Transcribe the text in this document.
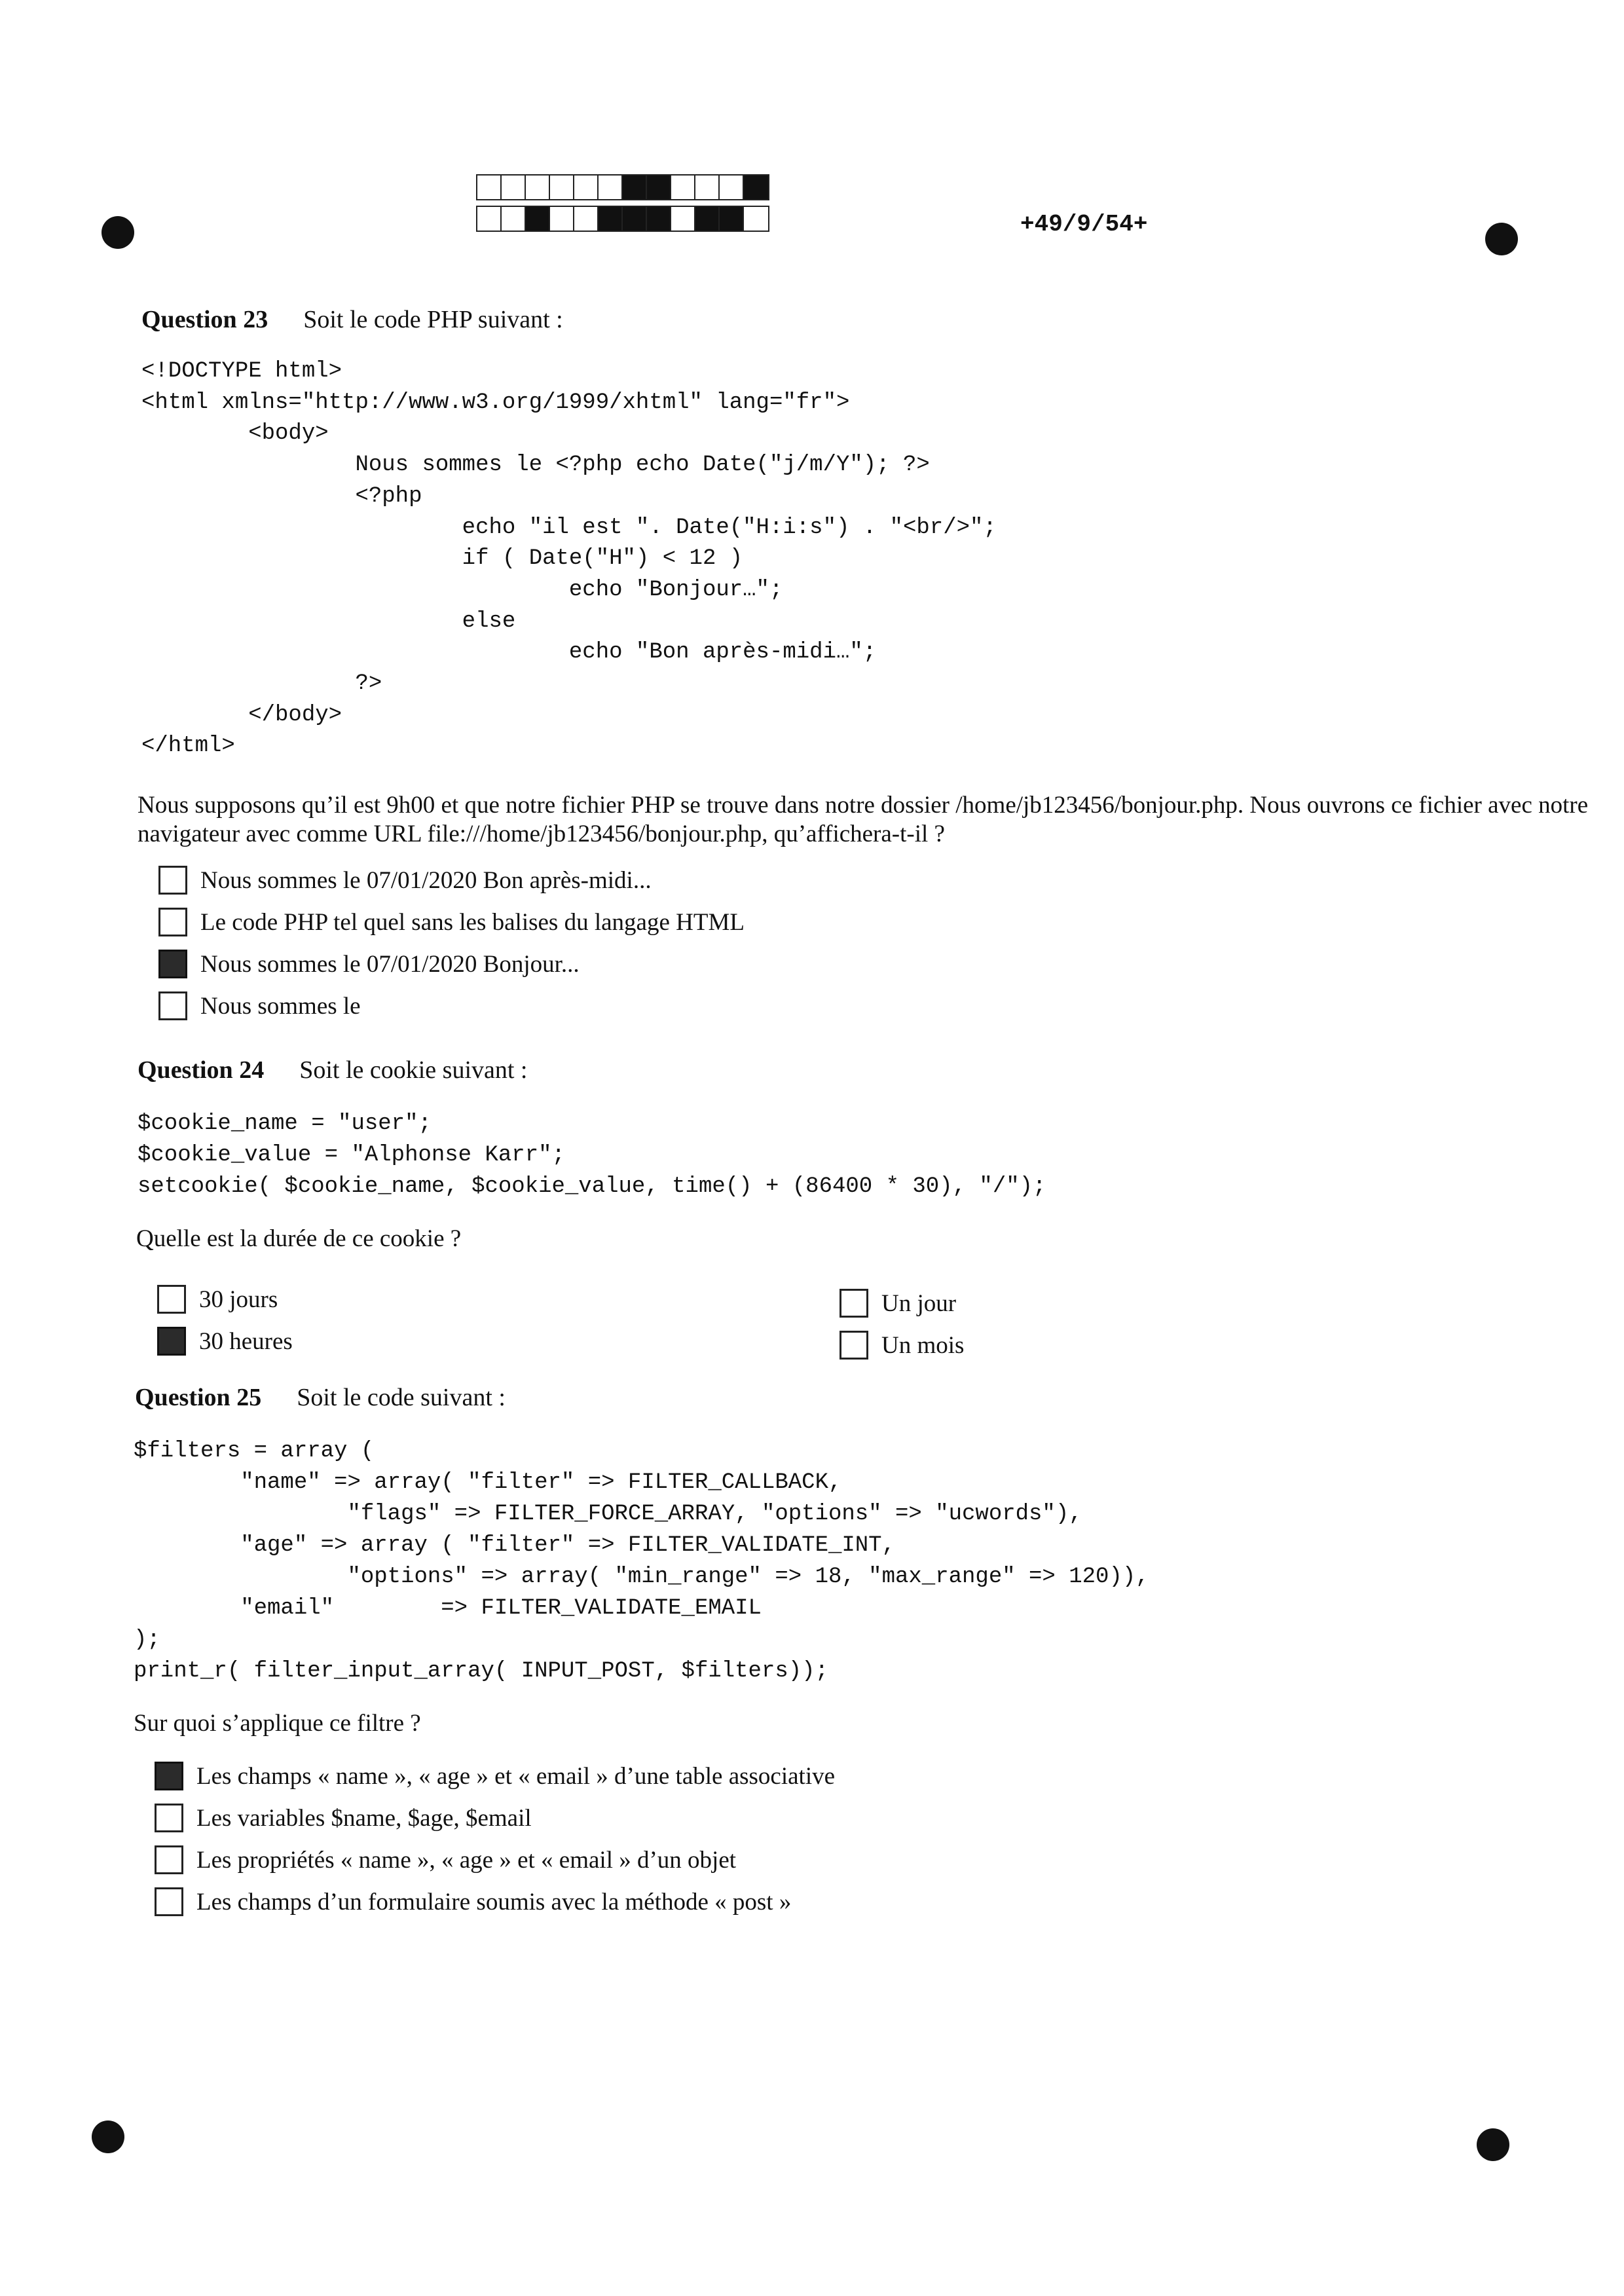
+49/9/54+
Question 23 Soit le code PHP suivant :
<!DOCTYPE html>
<html xmlns="http://www.w3.org/1999/xhtml" lang="fr">
<body>
Nous sommes le <?php echo Date("j/m/Y"); ?>
<?php
echo "il est ". Date("H:i:s") . "<br/>";
if ( Date("H") < 12 )
echo "Bonjour…";
else
echo "Bon après-midi…";
?>
</body>
</html>
Nous supposons qu’il est 9h00 et que notre fichier PHP se trouve dans notre dossier /home/jb123456/bonjour.php. Nous ouvrons ce fichier avec notre navigateur avec comme URL file:///home/jb123456/bonjour.php, qu’affichera-t-il ?
Nous sommes le 07/01/2020 Bon après-midi...
Le code PHP tel quel sans les balises du langage HTML
Nous sommes le 07/01/2020 Bonjour...
Nous sommes le
Question 24 Soit le cookie suivant :
$cookie_name = "user";
$cookie_value = "Alphonse Karr";
setcookie( $cookie_name, $cookie_value, time() + (86400 * 30), "/");
Quelle est la durée de ce cookie ?
30 jours
30 heures
Un jour
Un mois
Question 25 Soit le code suivant :
$filters = array (
"name" => array( "filter" => FILTER_CALLBACK,
"flags" => FILTER_FORCE_ARRAY, "options" => "ucwords"),
"age" => array ( "filter" => FILTER_VALIDATE_INT,
"options" => array( "min_range" => 18, "max_range" => 120)),
"email"        => FILTER_VALIDATE_EMAIL
);
print_r( filter_input_array( INPUT_POST, $filters));
Sur quoi s’applique ce filtre ?
Les champs « name », « age » et « email » d’une table associative
Les variables $name, $age, $email
Les propriétés « name », « age » et « email » d’un objet
Les champs d’un formulaire soumis avec la méthode « post »
